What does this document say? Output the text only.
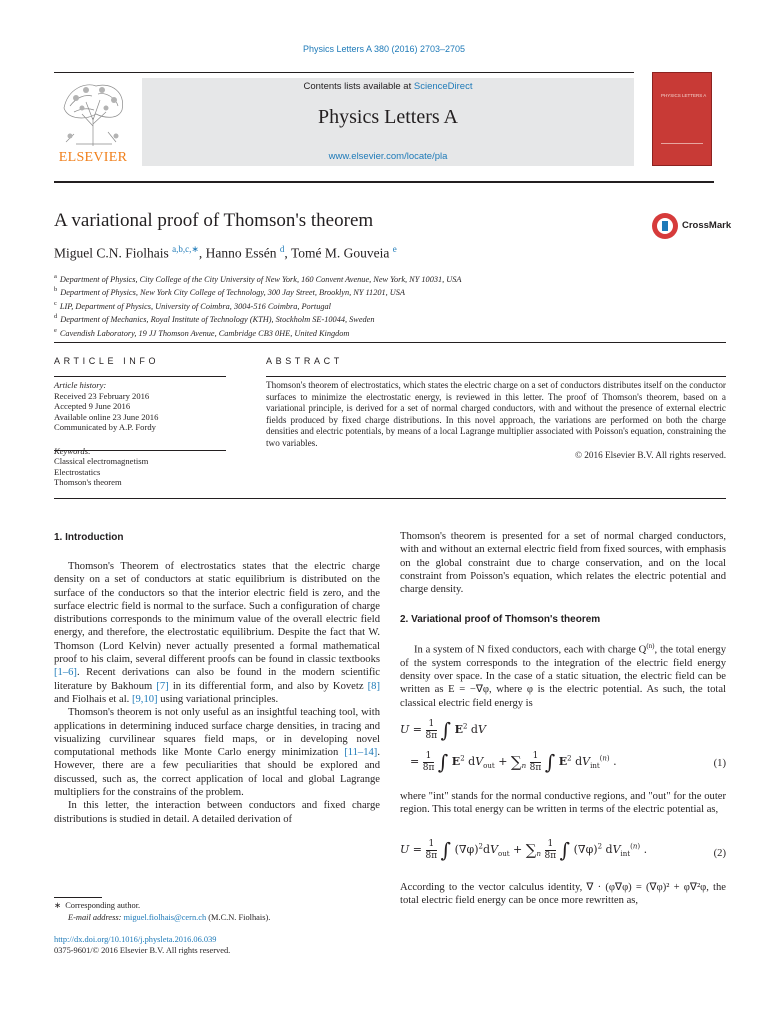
Physics Letters A 380 (2016) 2703–2705
ELSEVIER
Contents lists available at ScienceDirect
Physics Letters A
www.elsevier.com/locate/pla
PHYSICS LETTERS A
A variational proof of Thomson's theorem	CrossMark
Miguel C.N. Fiolhais $^{a,b,c,∗}$, Hanno Essén $^d$, Tomé M. Gouveia $^e$
$^a$ Department of Physics, City College of the City University of New York, 160 Convent Avenue, New York, NY 10031, USA
$^b$ Department of Physics, New York City College of Technology, 300 Jay Street, Brooklyn, NY 11201, USA
$^c$ LIP, Department of Physics, University of Coimbra, 3004-516 Coimbra, Portugal
$^d$ Department of Mechanics, Royal Institute of Technology (KTH), Stockholm SE-10044, Sweden
$^e$ Cavendish Laboratory, 19 JJ Thomson Avenue, Cambridge CB3 0HE, United Kingdom
ARTICLE INFO	ABSTRACT
Article history:
Received 23 February 2016
Accepted 9 June 2016
Available online 23 June 2016
Communicated by A.P. Fordy
Classical electromagnetism
Electrostatics
Thomson's theorem
Thomson's theorem of electrostatics, which states the electric charge on a set of conductors distributes itself on the conductor surfaces to minimize the electrostatic energy, is reviewed in this letter. The proof of Thomson's theorem, based on a variational principle, is derived for a set of normal charged conductors, with and without the presence of external electric fields produced by fixed charge distributions. In this novel approach, the variations are performed on both the charge densities and electric potentials, by means of a local Lagrange multiplier associated with Poisson's equation, constraining the two variables.
© 2016 Elsevier B.V. All rights reserved.
1. Introduction

Thomson's Theorem of electrostatics states that the electric charge density on a set of conductors at static equilibrium is distributed on the surface of the conductors so that the interior electric field is zero, and the surface electric field is normal to the surface. Such a configuration of charge distributions corresponds to the minimum value of the overall electric field energy, and therefore, the electrostatic equilibrium. Despite the fact that W. Thomson (Lord Kelvin) never actually presented a formal mathematical proof to his claim, several different proofs can be found in classic textbooks [1–6]. Recent derivations can also be found in the modern scientific literature by Bakhoum [7] in its differential form, and also by Kovetz [8] and Fiolhais et al. [9,10] using variational principles.

Thomson's theorem is not only useful as an insightful teaching tool, with applications in determining induced surface charge densities, in tracing and visualizing curvilinear squares field maps, or in developing novel computational methods like Monte Carlo energy minimization [11–14]. However, there are a few peculiarities that should be explored and discussed, such as, the correct application of local and global Lagrange multipliers for the constrains of the problem.

In this letter, the interaction between conductors and fixed charge distributions is studied in detail. A detailed derivation of

∗ Corresponding author.
E-mail address: miguel.fiolhais@cern.ch (M.C.N. Fiolhais).
http://dx.doi.org/10.1016/j.physleta.2016.06.039
0375-9601/© 2016 Elsevier B.V. All rights reserved.

Thomson's theorem is presented for a set of normal charged conductors, with and without an external electric field from fixed sources, with emphasis on the global constraint due to charge conservation, and on the local constraint from Poisson's equation, which relates the electric potential and charge density.

2. Variational proof of Thomson's theorem

In a system of N fixed conductors, each with charge $Q^{(n)}$, the total energy of the system corresponds to the integration of the electric field energy density over space. In the case of a static situation, the electric field can be written as E = −∇φ, where φ is the electric potential. As such, the total classical electric field energy is

$U = \frac{1}{8\pi}$ ∫ $E^2$ dV
= $\frac{1}{8\pi}$ ∫ $E^2$ $dV_{out} + \sum_n \frac{1}{8\pi}$ ∫ $E^2$ $dV_{int}^{(n)}$ .	(1)

where "int" stands for the normal conductive regions, and "out" for the outer region. This total energy can be written in terms of the electric potential as,

$U = \frac{1}{8\pi}$ ∫ $(\nabla\varphi)^2dV_{out} + \sum_n \frac{1}{8\pi}$ ∫ $(\nabla\varphi)^2$ $dV_{int}^{(n)}$ .	(2)

According to the vector calculus identity, ∇ · (φ∇φ) = (∇φ)² + φ∇²φ, the total electric field energy can be once more rewritten as,
